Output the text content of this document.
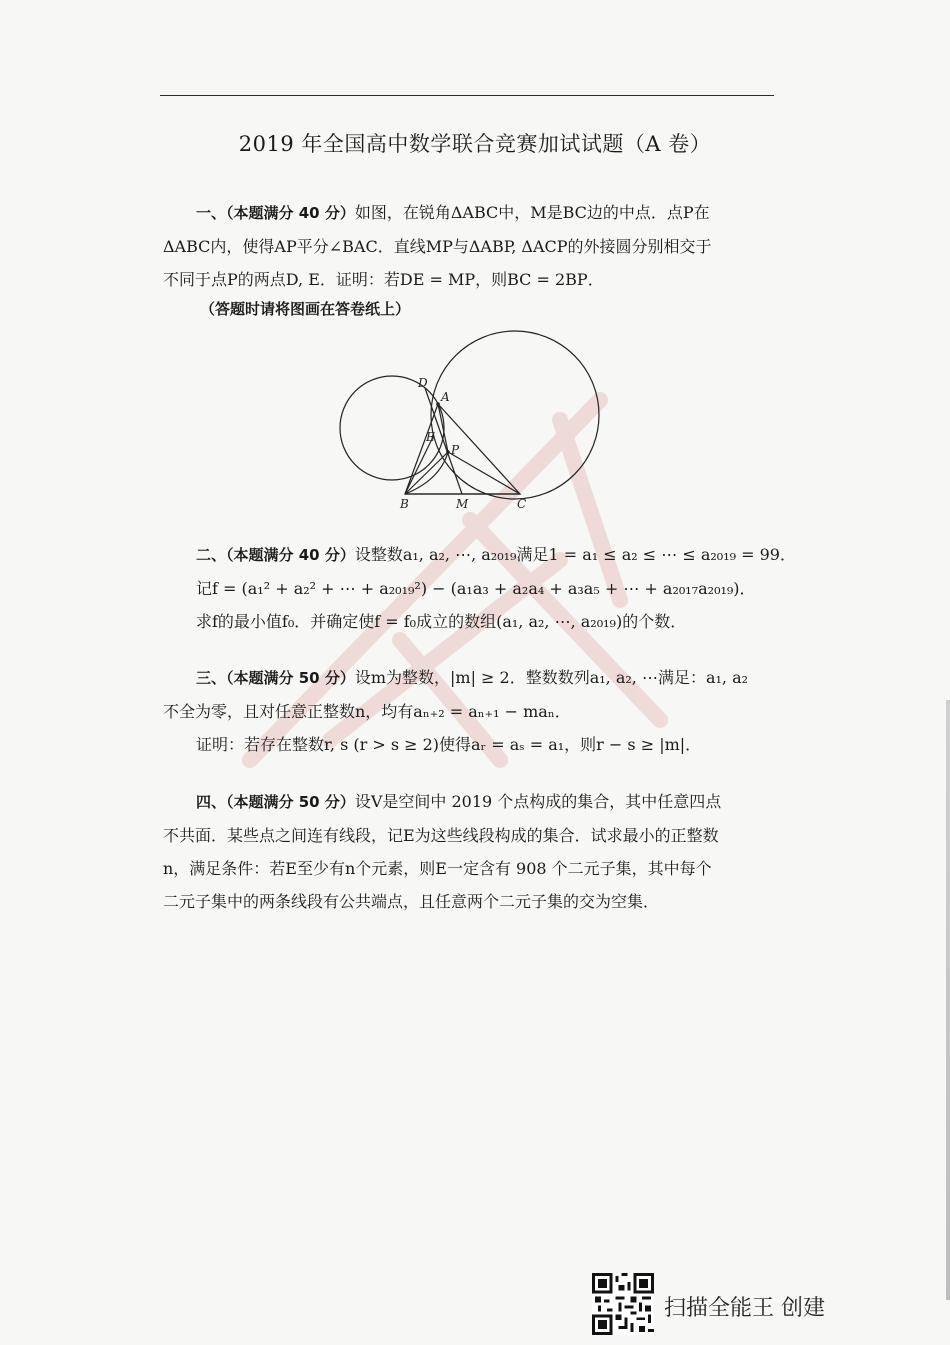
2019 年全国高中数学联合竞赛加试试题（A 卷）
一、（本题满分 40 分）如图，在锐角ΔABC中，M是BC边的中点．点P在
ΔABC内，使得AP平分∠BAC．直线MP与ΔABP, ΔACP的外接圆分别相交于
不同于点P的两点D, E．证明：若DE = MP，则BC = 2BP．
（答题时请将图画在答卷纸上）
D
A
E
P
B	M	C
二、（本题满分 40 分）设整数a₁, a₂, ⋯, a₂₀₁₉满足1 = a₁ ≤ a₂ ≤ ⋯ ≤ a₂₀₁₉ = 99．
记f = (a₁² + a₂² + ⋯ + a₂₀₁₉²) − (a₁a₃ + a₂a₄ + a₃a₅ + ⋯ + a₂₀₁₇a₂₀₁₉)．
求f的最小值f₀．并确定使f = f₀成立的数组(a₁, a₂, ⋯, a₂₀₁₉)的个数．
三、（本题满分 50 分）设m为整数，|m| ≥ 2．整数数列a₁, a₂, ⋯满足：a₁, a₂
不全为零，且对任意正整数n，均有aₙ₊₂ = aₙ₊₁ − maₙ．
证明：若存在整数r, s (r > s ≥ 2)使得aᵣ = aₛ = a₁，则r − s ≥ |m|．
四、（本题满分 50 分）设V是空间中 2019 个点构成的集合，其中任意四点
不共面．某些点之间连有线段，记E为这些线段构成的集合．试求最小的正整数
n，满足条件：若E至少有n个元素，则E一定含有 908 个二元子集，其中每个
二元子集中的两条线段有公共端点，且任意两个二元子集的交为空集．
扫描全能王 创建
